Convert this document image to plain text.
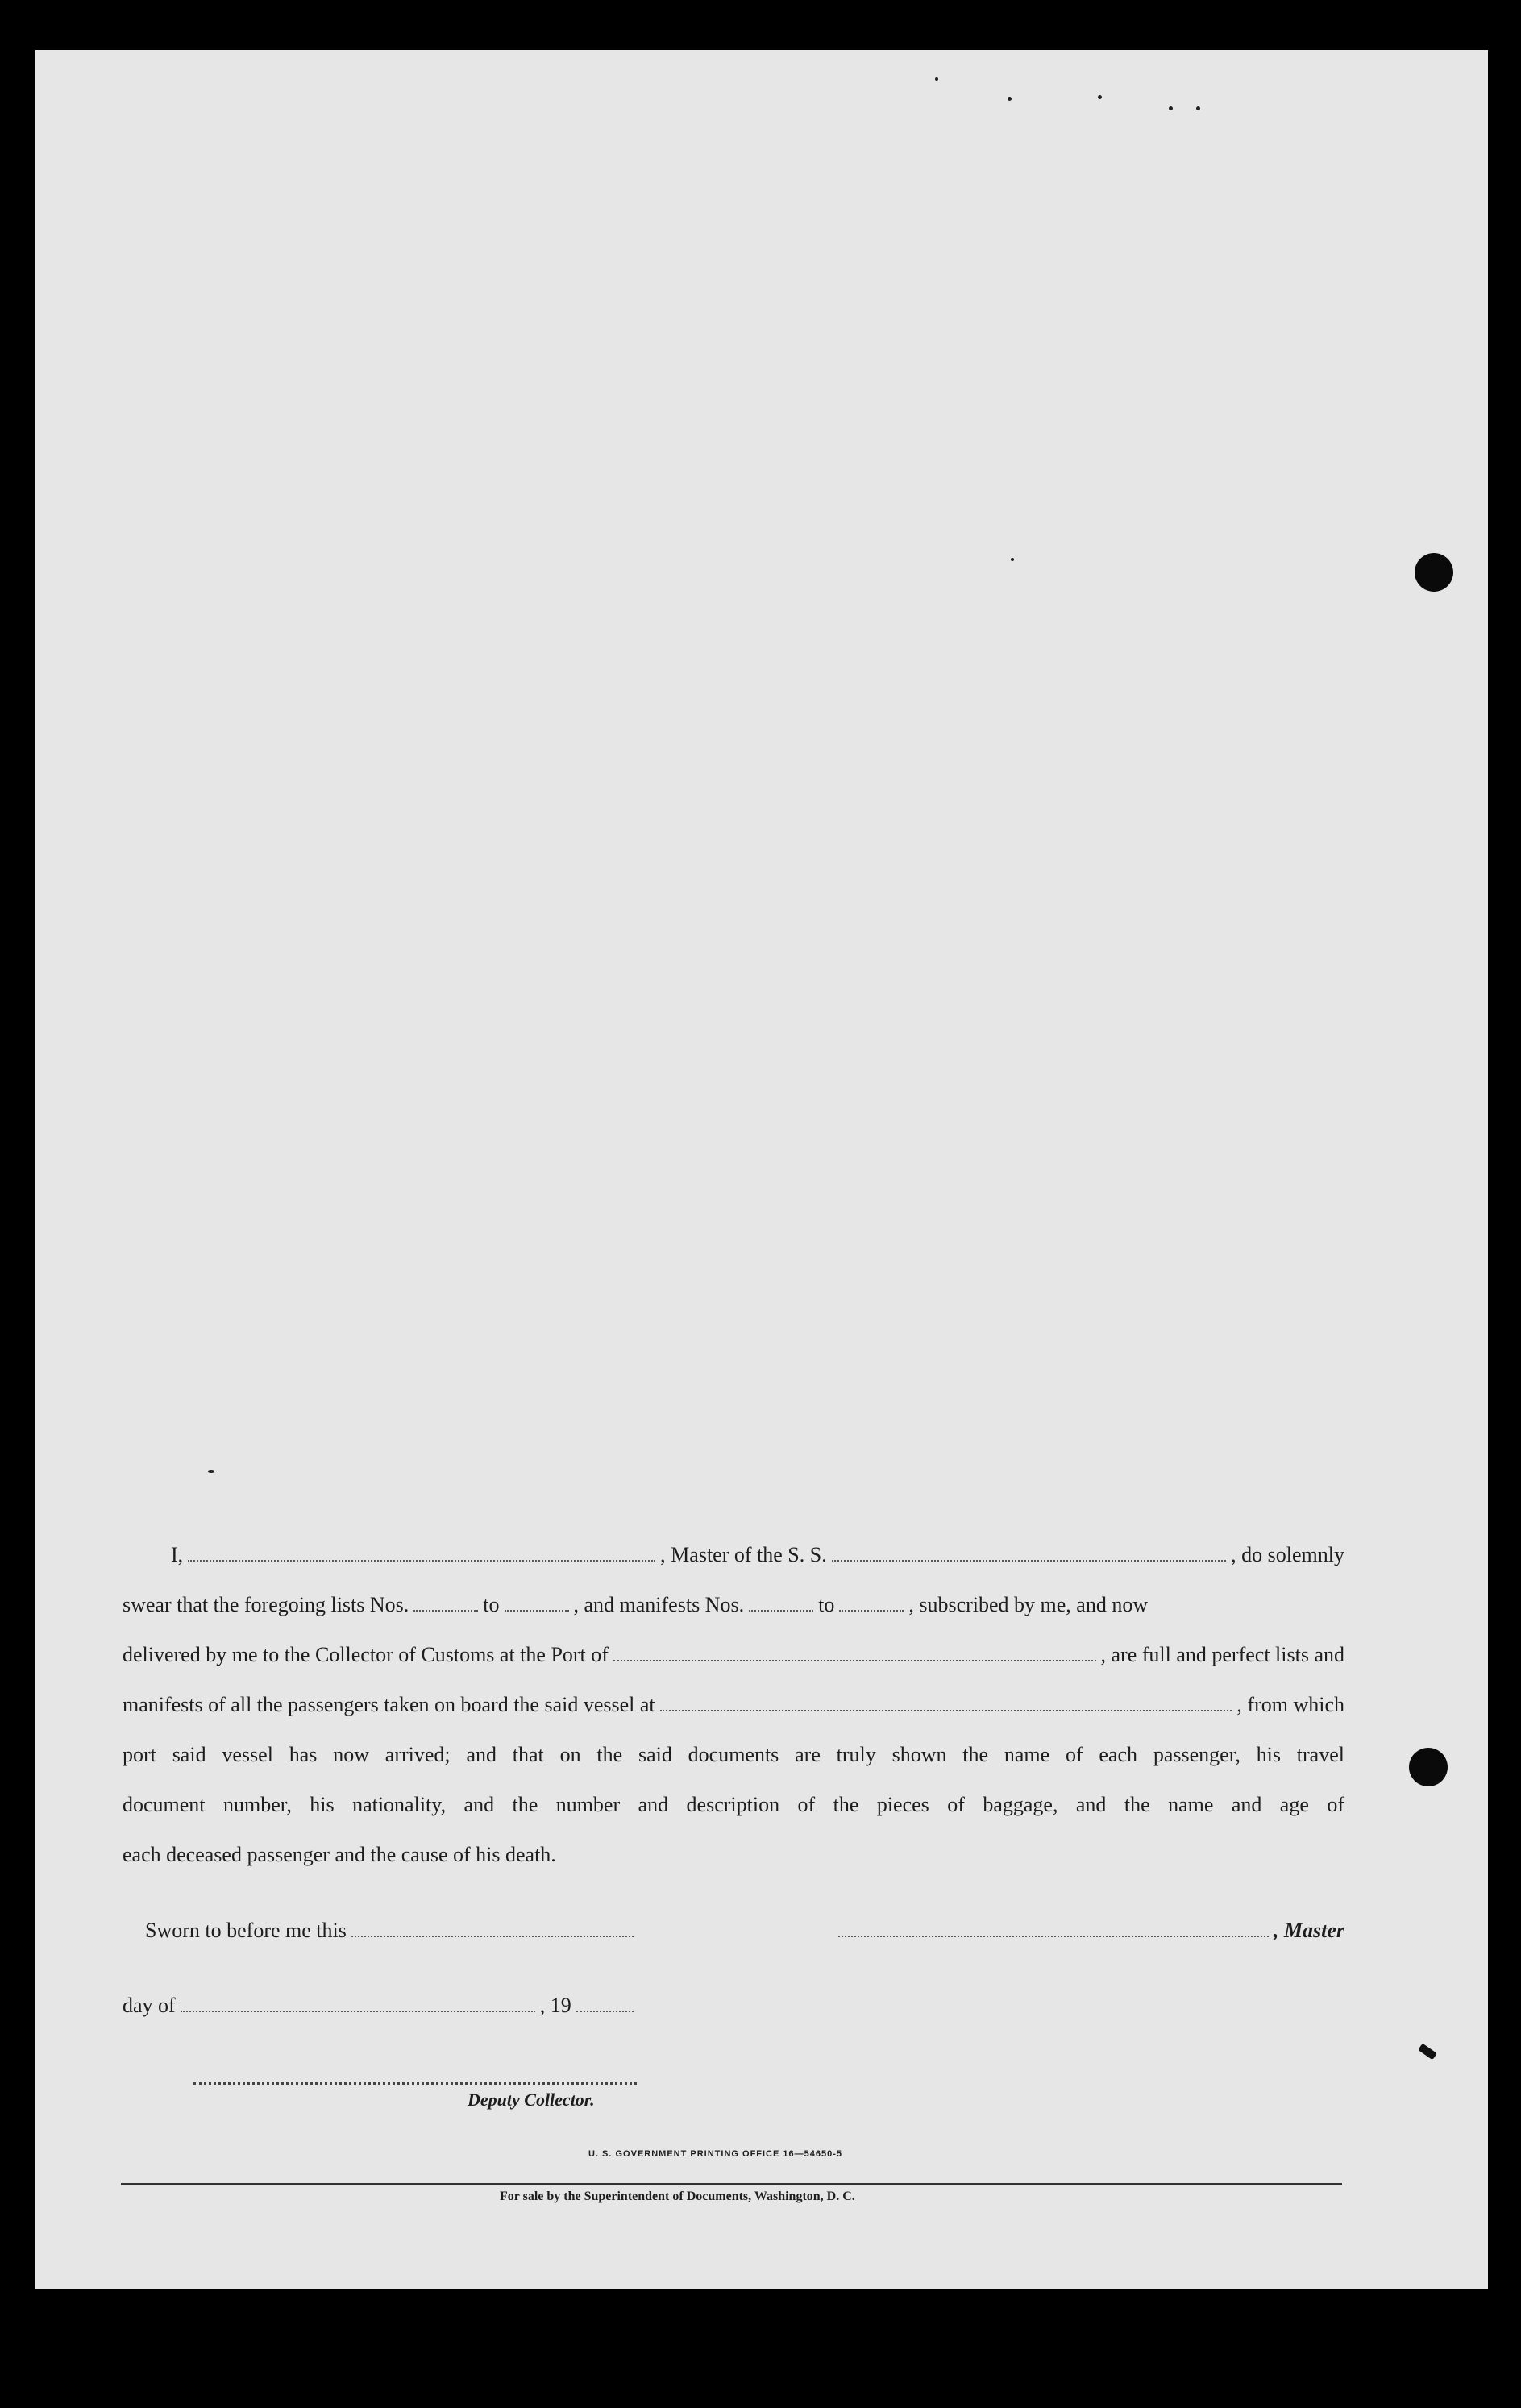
I,	, Master of the S. S.	, do solemnly
swear that the foregoing lists Nos.	to	, and manifests Nos.	to	, subscribed by me, and now
delivered by me to the Collector of Customs at the Port of	, are full and perfect lists and
manifests of all the passengers taken on board the said vessel at	, from which
port said vessel has now arrived; and that on the said documents are truly shown the name of each passenger, his travel
document number, his nationality, and the number and description of the pieces of baggage, and the name and age of
each deceased passenger and the cause of his death.
Sworn to before me this	, Master
day of	, 19
Deputy Collector.
U. S. GOVERNMENT PRINTING OFFICE 16—54650-5
For sale by the Superintendent of Documents, Washington, D. C.
